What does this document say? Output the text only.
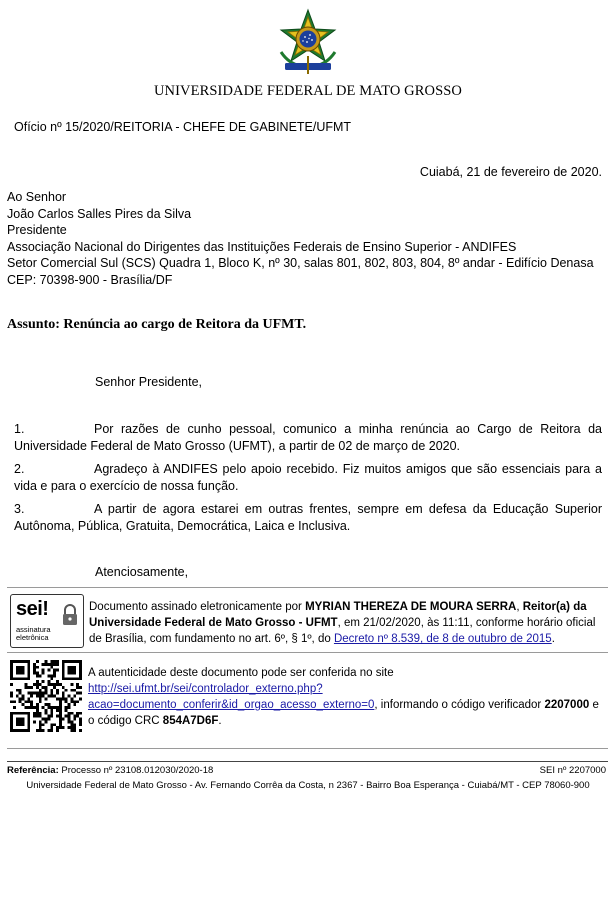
UNIVERSIDADE FEDERAL DE MATO GROSSO
Ofício nº 15/2020/REITORIA - CHEFE DE GABINETE/UFMT
Cuiabá, 21 de fevereiro de 2020.
Ao Senhor
João Carlos Salles Pires da Silva
Presidente
Associação Nacional do Dirigentes das Instituições Federais de Ensino Superior - ANDIFES
Setor Comercial Sul (SCS) Quadra 1, Bloco K, nº 30, salas 801, 802, 803, 804, 8º andar - Edifício Denasa
CEP: 70398-900 - Brasília/DF
Assunto: Renúncia ao cargo de Reitora da UFMT.
Senhor Presidente,
1.	Por razões de cunho pessoal, comunico a minha renúncia ao Cargo de Reitora da Universidade Federal de Mato Grosso (UFMT), a partir de 02 de março de 2020.
2.	Agradeço à ANDIFES pelo apoio recebido. Fiz muitos amigos que são essenciais para a vida e para o exercício de nossa função.
3.	A partir de agora estarei em outras frentes, sempre em defesa da Educação Superior Autônoma, Pública, Gratuita, Democrática, Laica e Inclusiva.
Atenciosamente,
sei!
assinatura
eletrônica
Documento assinado eletronicamente por MYRIAN THEREZA DE MOURA SERRA, Reitor(a) da Universidade Federal de Mato Grosso - UFMT, em 21/02/2020, às 11:11, conforme horário oficial de Brasília, com fundamento no art. 6º, § 1º, do Decreto nº 8.539, de 8 de outubro de 2015.
A autenticidade deste documento pode ser conferida no site
http://sei.ufmt.br/sei/controlador_externo.php?
acao=documento_conferir&id_orgao_acesso_externo=0, informando o código verificador 2207000 e o código CRC 854A7D6F.
Referência: Processo nº 23108.012030/2020-18	SEI nº 2207000
Universidade Federal de Mato Grosso - Av. Fernando Corrêa da Costa, n 2367 - Bairro Boa Esperança - Cuiabá/MT - CEP 78060-900
